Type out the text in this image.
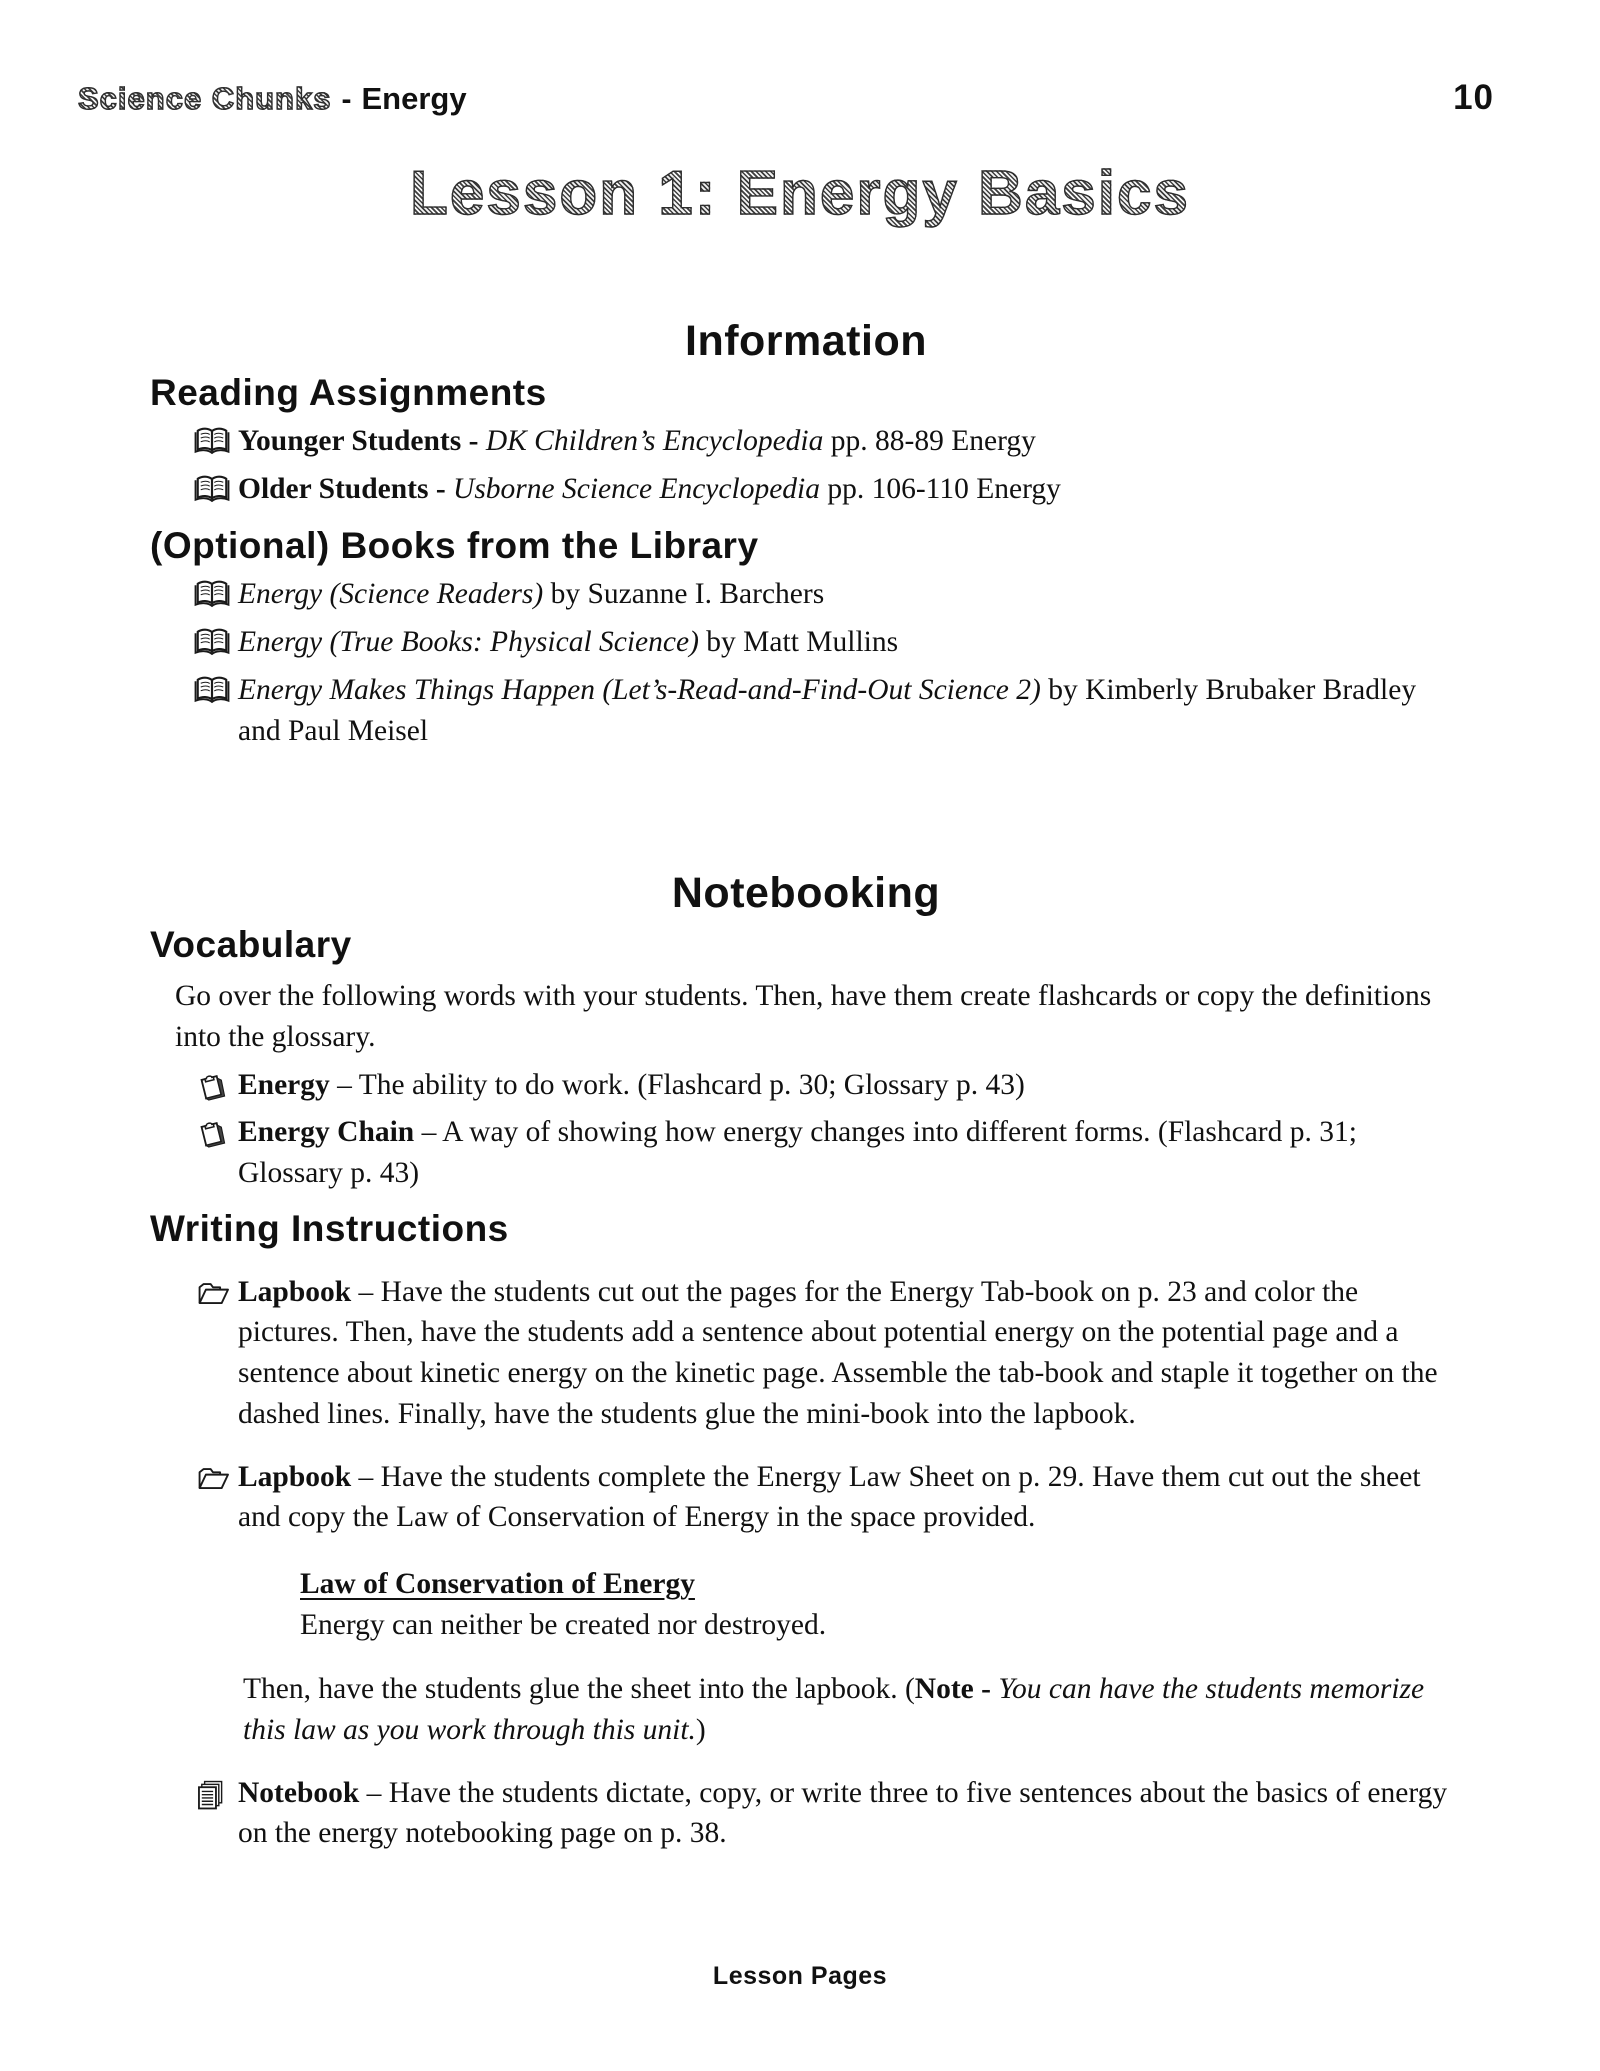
Science Chunks - Energy	10
Lesson 1: Energy Basics
Information
Reading Assignments
Younger Students - DK Children’s Encyclopedia pp. 88-89 Energy
Older Students - Usborne Science Encyclopedia pp. 106-110 Energy
(Optional) Books from the Library
Energy (Science Readers) by Suzanne I. Barchers
Energy (True Books: Physical Science) by Matt Mullins
Energy Makes Things Happen (Let’s-Read-and-Find-Out Science 2) by Kimberly Brubaker Bradley and Paul Meisel
Notebooking
Vocabulary
Go over the following words with your students. Then, have them create flashcards or copy the definitions into the glossary.
Energy – The ability to do work. (Flashcard p. 30; Glossary p. 43)
Energy Chain – A way of showing how energy changes into different forms. (Flashcard p. 31; Glossary p. 43)
Writing Instructions
Lapbook – Have the students cut out the pages for the Energy Tab-book on p. 23 and color the pictures. Then, have the students add a sentence about potential energy on the potential page and a sentence about kinetic energy on the kinetic page. Assemble the tab-book and staple it together on the dashed lines. Finally, have the students glue the mini-book into the lapbook.
Lapbook – Have the students complete the Energy Law Sheet on p. 29. Have them cut out the sheet and copy the Law of Conservation of Energy in the space provided.
Law of Conservation of Energy
Energy can neither be created nor destroyed.
Then, have the students glue the sheet into the lapbook. (Note - You can have the students memorize this law as you work through this unit.)
Notebook – Have the students dictate, copy, or write three to five sentences about the basics of energy on the energy notebooking page on p. 38.
Lesson Pages
